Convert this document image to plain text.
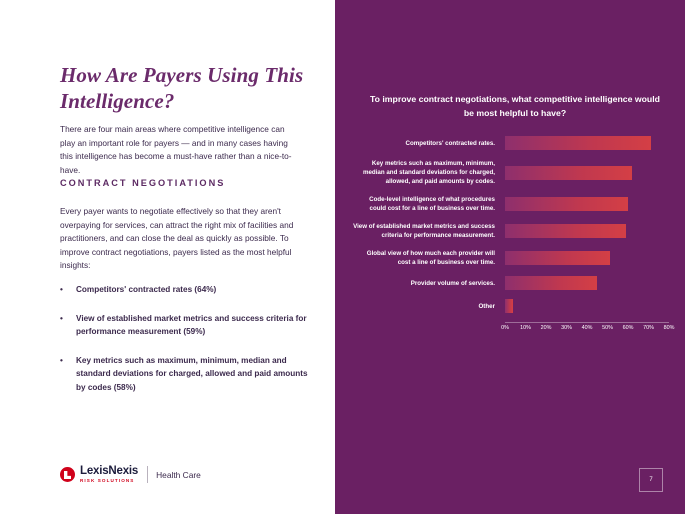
How Are Payers Using This Intelligence?
There are four main areas where competitive intelligence can play an important role for payers — and in many cases having this intelligence has become a must-have rather than a nice-to-have.
CONTRACT NEGOTIATIONS
Every payer wants to negotiate effectively so that they aren't overpaying for services, can attract the right mix of facilities and practitioners, and can close the deal as quickly as possible. To improve contract negotiations, payers listed as the most helpful insights:
• Competitors' contracted rates (64%)
• View of established market metrics and success criteria for performance measurement (59%)
• Key metrics such as maximum, minimum, median and standard deviations for charged, allowed and paid amounts by codes (58%)
LexisNexis
RISK SOLUTIONS
Health Care
To improve contract negotiations, what competitive intelligence would be most helpful to have?
Competitors' contracted rates.
Key metrics such as maximum, minimum, median and standard deviations for charged, allowed, and paid amounts by codes.
Code-level intelligence of what procedures could cost for a line of business over time.
View of established market metrics and success criteria for performance measurement.
Global view of how much each provider will cost a line of business over time.
Provider volume of services.
Other
0% 10% 20% 30% 40% 50% 60% 70% 80%
7
